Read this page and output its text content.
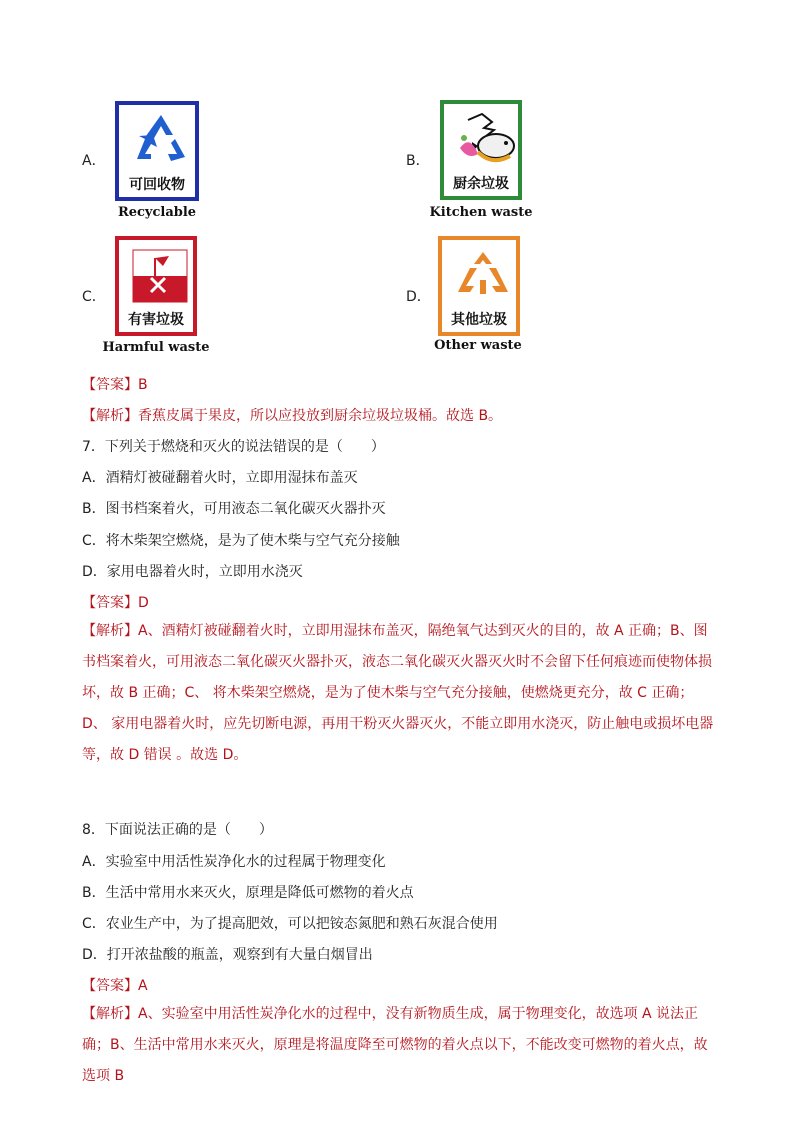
A．
可回收物
Recyclable
B．
厨余垃圾
Kitchen waste
C．
有害垃圾
Harmful waste
D．
其他垃圾
Other waste
【答案】B
【解析】香蕉皮属于果皮，所以应投放到厨余垃圾垃圾桶。故选 B。
7．下列关于燃烧和灭火的说法错误的是（　　）
A．酒精灯被碰翻着火时，立即用湿抹布盖灭
B．图书档案着火，可用液态二氧化碳灭火器扑灭
C．将木柴架空燃烧，是为了使木柴与空气充分接触
D．家用电器着火时，立即用水浇灭
【答案】D
【解析】A、酒精灯被碰翻着火时，立即用湿抹布盖灭，隔绝氧气达到灭火的目的，故 A 正确；B、图书档案着火，可用液态二氧化碳灭火器扑灭，液态二氧化碳灭火器灭火时不会留下任何痕迹而使物体损坏，故 B 正确；C、 将木柴架空燃烧，是为了使木柴与空气充分接触，使燃烧更充分，故 C 正确；D、 家用电器着火时，应先切断电源，再用干粉灭火器灭火，不能立即用水浇灭，防止触电或损坏电器等，故 D 错误 。故选 D。
8．下面说法正确的是（　　）
A．实验室中用活性炭净化水的过程属于物理变化
B．生活中常用水来灭火，原理是降低可燃物的着火点
C．农业生产中，为了提高肥效，可以把铵态氮肥和熟石灰混合使用
D．打开浓盐酸的瓶盖，观察到有大量白烟冒出
【答案】A
【解析】A、实验室中用活性炭净化水的过程中，没有新物质生成，属于物理变化，故选项 A 说法正确；B、生活中常用水来灭火，原理是将温度降至可燃物的着火点以下，不能改变可燃物的着火点，故选项 B
